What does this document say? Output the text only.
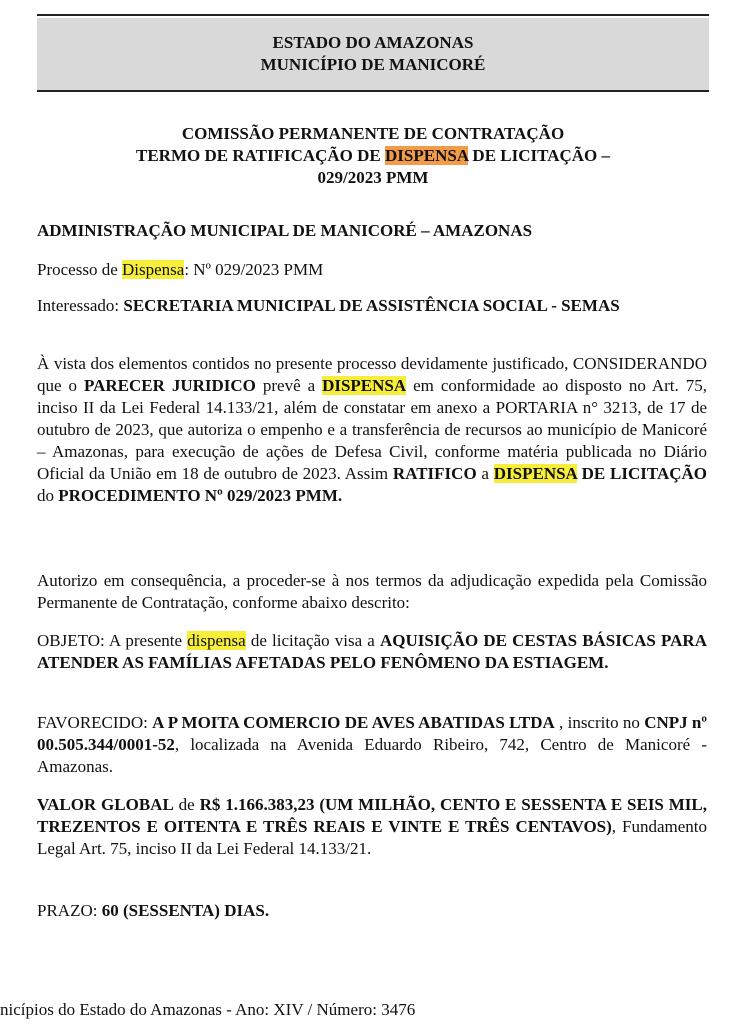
ESTADO DO AMAZONAS
MUNICÍPIO DE MANICORÉ
COMISSÃO PERMANENTE DE CONTRATAÇÃO
TERMO DE RATIFICAÇÃO DE DISPENSA DE LICITAÇÃO –
029/2023 PMM

ADMINISTRAÇÃO MUNICIPAL DE MANICORÉ – AMAZONAS

Processo de Dispensa: Nº 029/2023 PMM

Interessado: SECRETARIA MUNICIPAL DE ASSISTÊNCIA SOCIAL - SEMAS

À vista dos elementos contidos no presente processo devidamente justificado, CONSIDERANDO que o PARECER JURIDICO prevê a DISPENSA em conformidade ao disposto no Art. 75, inciso II da Lei Federal 14.133/21, além de constatar em anexo a PORTARIA n° 3213, de 17 de outubro de 2023, que autoriza o empenho e a transferência de recursos ao município de Manicoré – Amazonas, para execução de ações de Defesa Civil, conforme matéria publicada no Diário Oficial da União em 18 de outubro de 2023. Assim RATIFICO a DISPENSA DE LICITAÇÃO do PROCEDIMENTO Nº 029/2023 PMM.

Autorizo em consequência, a proceder-se à nos termos da adjudicação expedida pela Comissão Permanente de Contratação, conforme abaixo descrito:

OBJETO: A presente dispensa de licitação visa a AQUISIÇÃO DE CESTAS BÁSICAS PARA ATENDER AS FAMÍLIAS AFETADAS PELO FENÔMENO DA ESTIAGEM.

FAVORECIDO: A P MOITA COMERCIO DE AVES ABATIDAS LTDA , inscrito no CNPJ nº 00.505.344/0001-52, localizada na Avenida Eduardo Ribeiro, 742, Centro de Manicoré - Amazonas.

VALOR GLOBAL de R$ 1.166.383,23 (UM MILHÃO, CENTO E SESSENTA E SEIS MIL, TREZENTOS E OITENTA E TRÊS REAIS E VINTE E TRÊS CENTAVOS), Fundamento Legal Art. 75, inciso II da Lei Federal 14.133/21.

PRAZO: 60 (SESSENTA) DIAS.

nicípios do Estado do Amazonas - Ano: XIV / Número: 3476
